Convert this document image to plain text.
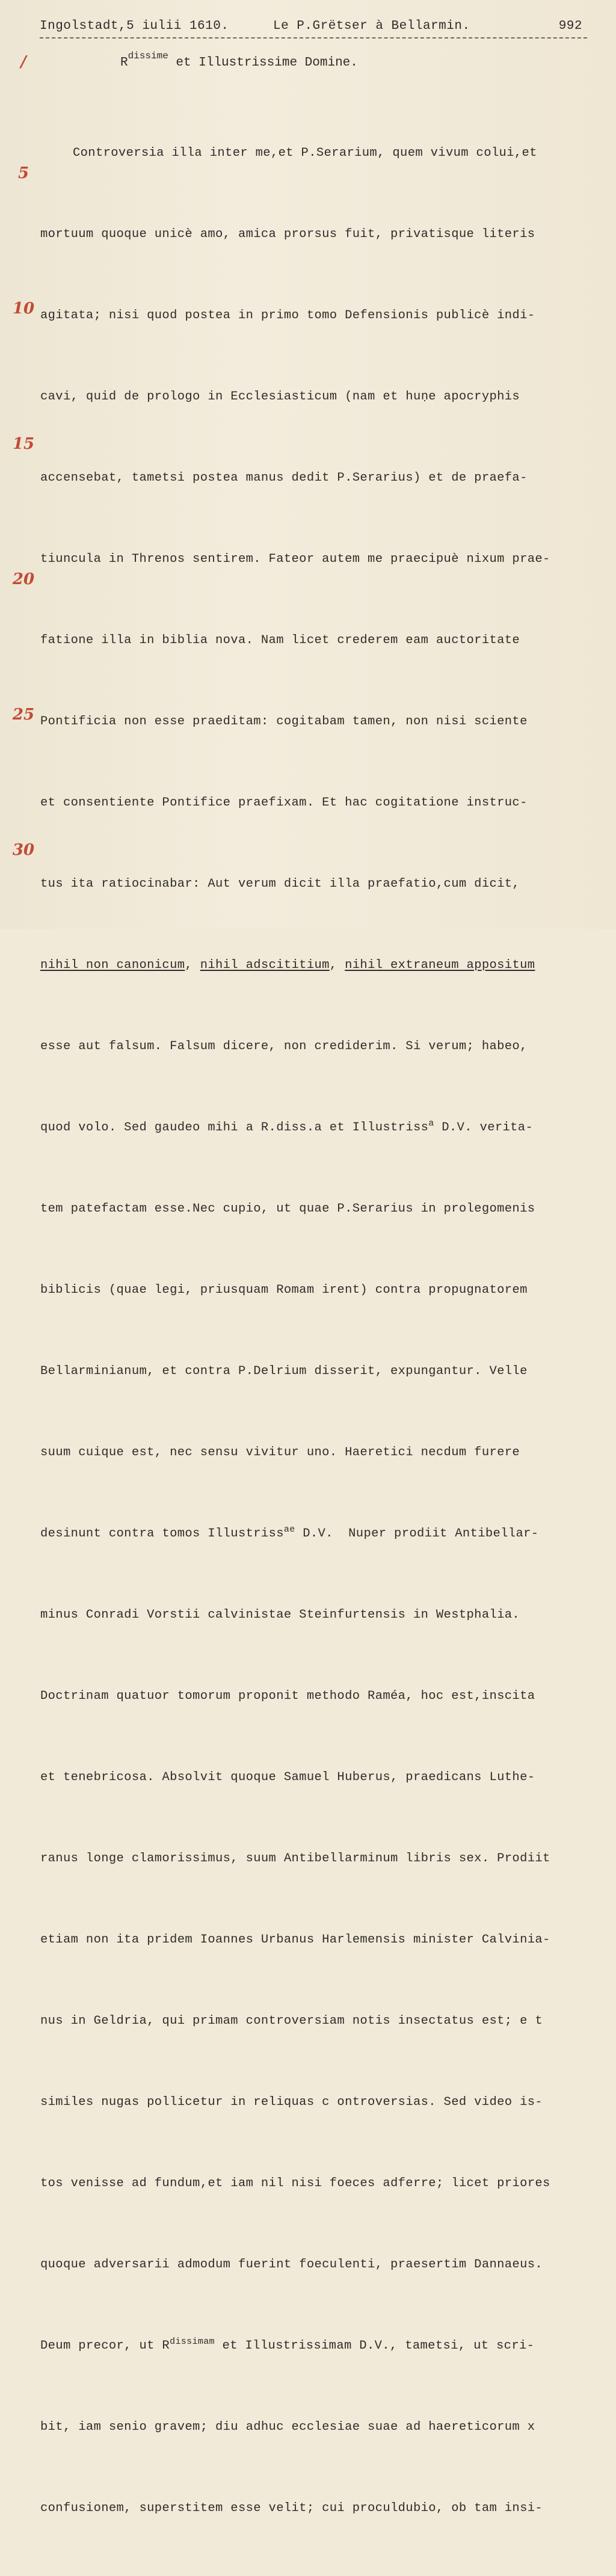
Ingolstadt,5 iulii 1610.	Le P.Grëtser à Bellarmin.	992
$R^{dissime}$ et Illustrissime Domine.
/
5
10
15
20
25
30

Controversia illa inter me,et P.Serarium, quem vivum colui,et

mortuum quoque unicè amo, amica prorsus fuit, privatisque literis

agitata; nisi quod postea in primo tomo Defensionis publicè indi-

cavi, quid de prologo in Ecclesiasticum (nam et huṇe apocryphis

accensebat, tametsi postea manus dedit P.Serarius) et de praefa-

tiuncula in Threnos sentirem. Fateor autem me praecipuè nixum prae-

fatione illa in biblia nova. Nam licet crederem eam auctoritate

Pontificia non esse praeditam: cogitabam tamen, non nisi sciente

et consentiente Pontifice praefixam. Et hac cogitatione instruc-

tus ita ratiocinabar: Aut verum dicit illa praefatio,cum dicit,

nihil non canonicum, nihil adscititium, nihil extraneum appositum

esse aut falsum. Falsum dicere, non crediderim. Si verum; habeo,

quod volo. Sed gaudeo mihi a R.diss.a et Illustriss$^a$ D.V. verita-

tem patefactam esse.Nec cupio, ut quae P.Serarius in prolegomenis

biblicis (quae legi, priusquam Romam irent) contra propugnatorem

Bellarminianum, et contra P.Delrium disserit, expungantur. Velle

suum cuique est, nec sensu vivitur uno. Haeretici necdum furere

desinunt contra tomos Illustriss$^{ae}$ D.V.  Nuper prodiit Antibellar-

minus Conradi Vorstii calvinistae Steinfurtensis in Westphalia.

Doctrinam quatuor tomorum proponit methodo Raméa, hoc est,inscita

et tenebricosa. Absolvit quoque Samuel Huberus, praedicans Luthe-

ranus longe clamorissimus, suum Antibellarminum libris sex. Prodiit

etiam non ita pridem Ioannes Urbanus Harlemensis minister Calvinia-

nus in Geldria, qui primam controversiam notis insectatus est; e t

similes nugas pollicetur in reliquas c ontroversias. Sed video is-

tos venisse ad fundum,et iam nil nisi foeces adferre; licet priores

quoque adversarii admodum fuerint foeculenti, praesertim Dannaeus.

Deum precor, ut $R^{dissimam}$ et Illustrissimam D.V., tametsi, ut scri-

bit, iam senio gravem; diu adhuc ecclesiae suae ad haereticorum x

confusionem, superstitem esse velit; cui proculdubio, ob tam insi-
